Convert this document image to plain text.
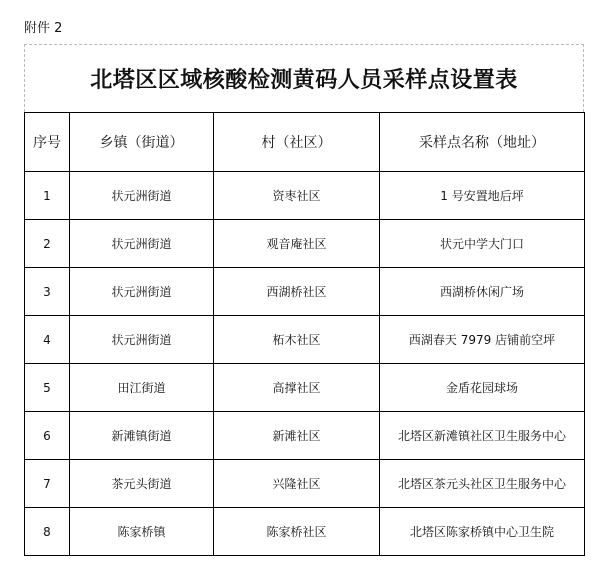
附件 2
北塔区区域核酸检测黄码人员采样点设置表
序号	乡镇（街道）	村（社区）	采样点名称（地址）
1	状元洲街道	资枣社区	1 号安置地后坪
2	状元洲街道	观音庵社区	状元中学大门口
3	状元洲街道	西湖桥社区	西湖桥休闲广场
4	状元洲街道	柘木社区	西湖春天 7979 店铺前空坪
5	田江街道	高撑社区	金盾花园球场
6	新滩镇街道	新滩社区	北塔区新滩镇社区卫生服务中心
7	茶元头街道	兴隆社区	北塔区茶元头社区卫生服务中心
8	陈家桥镇	陈家桥社区	北塔区陈家桥镇中心卫生院
